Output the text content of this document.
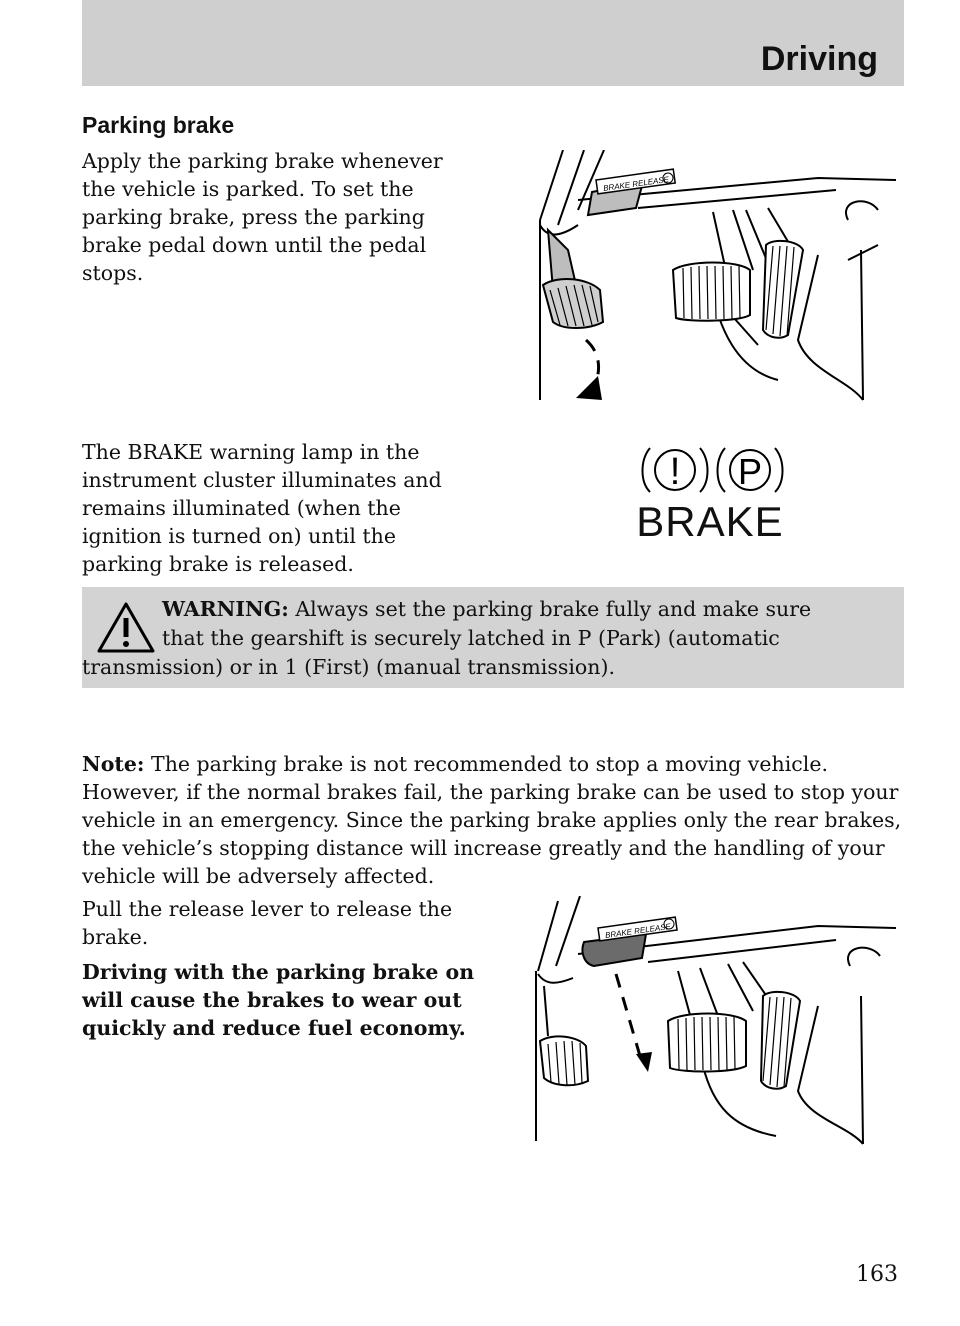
Driving
Parking brake

Apply the parking brake whenever the vehicle is parked. To set the parking brake, press the parking brake pedal down until the pedal stops.

BRAKE RELEASE

The BRAKE warning lamp in the instrument cluster illuminates and remains illuminated (when the ignition is turned on) until the parking brake is released.

! P
BRAKE

WARNING: Always set the parking brake fully and make sure
that the gearshift is securely latched in P (Park) (automatic
transmission) or in 1 (First) (manual transmission).

Note: The parking brake is not recommended to stop a moving vehicle. However, if the normal brakes fail, the parking brake can be used to stop your vehicle in an emergency. Since the parking brake applies only the rear brakes, the vehicle’s stopping distance will increase greatly and the handling of your vehicle will be adversely affected.

Pull the release lever to release the brake.

Driving with the parking brake on will cause the brakes to wear out quickly and reduce fuel economy.

BRAKE RELEASE
163
